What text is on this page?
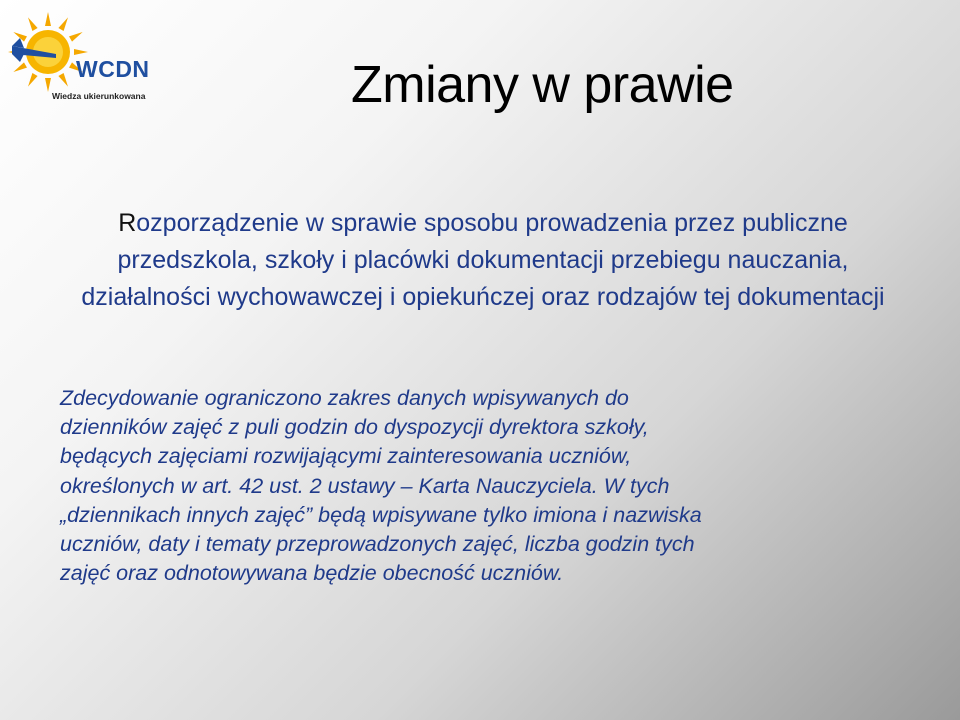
WCDN
Wiedza ukierunkowana	Zmiany w prawie
Rozporządzenie w sprawie sposobu prowadzenia przez publiczne przedszkola, szkoły i placówki dokumentacji przebiegu nauczania, działalności wychowawczej i opiekuńczej oraz rodzajów tej dokumentacji
Zdecydowanie ograniczono zakres danych wpisywanych do
dzienników zajęć z puli godzin do dyspozycji dyrektora szkoły,
będących zajęciami rozwijającymi zainteresowania uczniów,
określonych w art. 42 ust. 2 ustawy – Karta Nauczyciela. W tych
„dziennikach innych zajęć” będą wpisywane tylko imiona i nazwiska
uczniów, daty i tematy przeprowadzonych zajęć, liczba godzin tych
zajęć oraz odnotowywana będzie obecność uczniów.
